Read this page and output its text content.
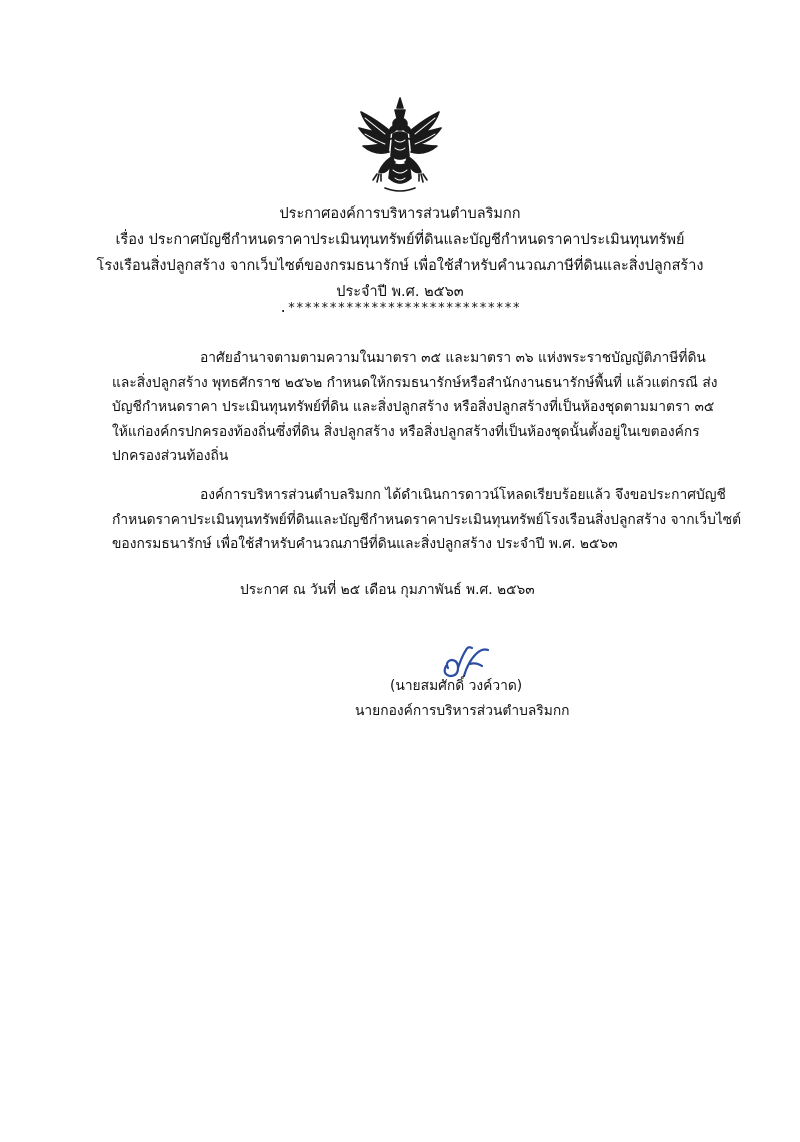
ประกาศองค์การบริหารส่วนตำบลริมกก
เรื่อง ประกาศบัญชีกำหนดราคาประเมินทุนทรัพย์ที่ดินและบัญชีกำหนดราคาประเมินทุนทรัพย์
โรงเรือนสิ่งปลูกสร้าง จากเว็บไซต์ของกรมธนารักษ์ เพื่อใช้สำหรับคำนวณภาษีที่ดินและสิ่งปลูกสร้าง
ประจำปี พ.ศ. ๒๕๖๓
.****************************
อาศัยอำนาจตามตามความในมาตรา ๓๕ และมาตรา ๓๖ แห่งพระราชบัญญัติภาษีที่ดิน
และสิ่งปลูกสร้าง พุทธศักราช ๒๕๖๒ กำหนดให้กรมธนารักษ์หรือสำนักงานธนารักษ์พื้นที่ แล้วแต่กรณี ส่ง
บัญชีกำหนดราคา ประเมินทุนทรัพย์ที่ดิน และสิ่งปลูกสร้าง หรือสิ่งปลูกสร้างที่เป็นห้องชุดตามมาตรา ๓๕
ให้แก่องค์กรปกครองท้องถิ่นซึ่งที่ดิน สิ่งปลูกสร้าง หรือสิ่งปลูกสร้างที่เป็นห้องชุดนั้นตั้งอยู่ในเขตองค์กร
ปกครองส่วนท้องถิ่น
องค์การบริหารส่วนตำบลริมกก ได้ดำเนินการดาวน์โหลดเรียบร้อยแล้ว จึงขอประกาศบัญชี
กำหนดราคาประเมินทุนทรัพย์ที่ดินและบัญชีกำหนดราคาประเมินทุนทรัพย์โรงเรือนสิ่งปลูกสร้าง จากเว็บไซต์
ของกรมธนารักษ์ เพื่อใช้สำหรับคำนวณภาษีที่ดินและสิ่งปลูกสร้าง ประจำปี พ.ศ. ๒๕๖๓
ประกาศ ณ วันที่ ๒๕ เดือน กุมภาพันธ์ พ.ศ. ๒๕๖๓
(นายสมศักดิ์ วงค์วาด)
นายกองค์การบริหารส่วนตำบลริมกก
